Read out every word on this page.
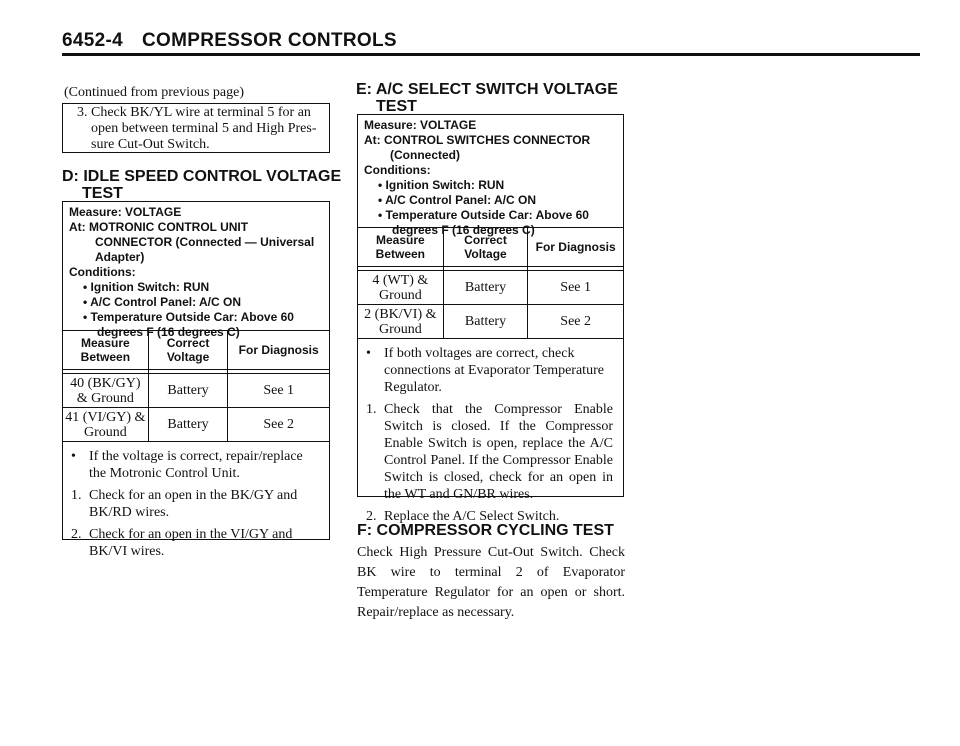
6452-4 COMPRESSOR CONTROLS
(Continued from previous page)
3. Check BK/YL wire at terminal 5 for an
open between terminal 5 and High Pres-
sure Cut-Out Switch.
D: IDLE SPEED CONTROL VOLTAGE
TEST
Measure: VOLTAGE
At: MOTRONIC CONTROL UNIT
CONNECTOR (Connected — Universal
Adapter)
Conditions:
• Ignition Switch: RUN
• A/C Control Panel: A/C ON
• Temperature Outside Car: Above 60
degrees F (16 degrees C)
Measure Between	Correct Voltage	For Diagnosis

40 (BK/GY) & Ground	Battery	See 1
41 (VI/GY) & Ground	Battery	See 2
• If the voltage is correct, repair/replace the Motronic Control Unit.
1. Check for an open in the BK/GY and BK/RD wires.
2. Check for an open in the VI/GY and BK/VI wires.
E: A/C SELECT SWITCH VOLTAGE
TEST
Measure: VOLTAGE
At: CONTROL SWITCHES CONNECTOR
(Connected)
Conditions:
• Ignition Switch: RUN
• A/C Control Panel: A/C ON
• Temperature Outside Car: Above 60
degrees F (16 degrees C)
Measure Between	Correct Voltage	For Diagnosis

4 (WT) & Ground	Battery	See 1
2 (BK/VI) & Ground	Battery	See 2
• If both voltages are correct, check connections at Evaporator Temperature Regulator.
1. Check that the Compressor Enable Switch is closed. If the Compressor Enable Switch is open, replace the A/C Control Panel. If the Compressor Enable Switch is closed, check for an open in the WT and GN/BR wires.
2. Replace the A/C Select Switch.
F: COMPRESSOR CYCLING TEST
Check High Pressure Cut-Out Switch. Check BK wire to terminal 2 of Evaporator Temperature Regulator for an open or short. Repair/replace as necessary.
